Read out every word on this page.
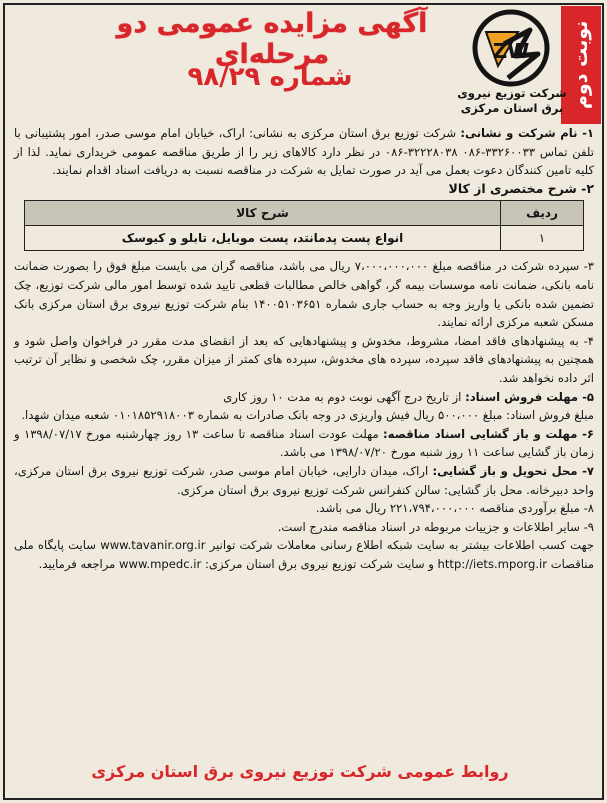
نوبت دوم
آگهی مزایده عمومی دو مرحله‌ای
شماره ۹۸/۲۹
ZW
شرکت توزیع نیروی برق استان مرکزی

۱- نام شرکت و نشانی: شرکت توزیع برق استان مرکزی به نشانی: اراک، خیابان امام موسی صدر، امور پشتیبانی با تلفن تماس ۳۳۲۶۰۰۳۳-۰۸۶ ۳۲۲۲۸۰۳۸-۰۸۶ در نظر دارد کالاهای زیر را از طریق مناقصه عمومی خریداری نماید. لذا از کلیه تامین کنندگان دعوت بعمل می آید در صورت تمایل به شرکت در مناقصه نسبت به دریافت اسناد اقدام نمایند.

۲- شرح مختصری از کالا

ردیف	شرح کالا
۱	انواع پست پدمانتد، پست موبایل، تابلو و کیوسک

۳- سپرده شرکت در مناقصه مبلغ ۷،۰۰۰،۰۰۰،۰۰۰ ریال می باشد، مناقصه گران می بایست مبلغ فوق را بصورت ضمانت نامه بانکی، ضمانت نامه موسسات بیمه گر، گواهی خالص مطالبات قطعی تایید شده توسط امور مالی شرکت توزیع، چک تضمین شده بانکی یا واریز وجه به حساب جاری شماره ۱۴۰۰۵۱۰۳۶۵۱ بنام شرکت توزیع نیروی برق استان مرکزی بانک مسکن شعبه مرکزی ارائه نمایند.

۴- به پیشنهادهای فاقد امضا، مشروط، مخدوش و پیشنهادهایی که بعد از انقضای مدت مقرر در فراخوان واصل شود و همچنین به پیشنهادهای فاقد سپرده، سپرده های مخدوش، سپرده های کمتر از میزان مقرر، چک شخصی و نظایر آن ترتیب اثر داده نخواهد شد.

۵- مهلت فروش اسناد: از تاریخ درج آگهی نوبت دوم به مدت ۱۰ روز کاری

مبلغ فروش اسناد: مبلغ ۵۰۰،۰۰۰ ریال فیش واریزی در وجه بانک صادرات به شماره ۰۱۰۱۸۵۲۹۱۸۰۰۳ شعبه میدان شهدا.

۶- مهلت و باز گشایی اسناد مناقصه: مهلت عودت اسناد مناقصه تا ساعت ۱۳ روز چهارشنبه مورخ ۱۳۹۸/۰۷/۱۷ و زمان باز گشایی ساعت ۱۱ روز شنبه مورخ ۱۳۹۸/۰۷/۲۰ می باشد.

۷- محل تحویل و باز گشایی: اراک، میدان دارایی، خیابان امام موسی صدر، شرکت توزیع نیروی برق استان مرکزی، واحد دبیرخانه. محل باز گشایی: سالن کنفرانس شرکت توزیع نیروی برق استان مرکزی.

۸- مبلغ برآوردی مناقصه ۲۲۱،۷۹۴،۰۰۰،۰۰۰ ریال می باشد.

۹- سایر اطلاعات و جزییات مربوطه در اسناد مناقصه مندرج است.

جهت کسب اطلاعات بیشتر به سایت شبکه اطلاع رسانی معاملات شرکت توانیر www.tavanir.org.ir سایت پایگاه ملی مناقصات http://iets.mporg.ir و سایت شرکت توزیع نیروی برق استان مرکزی: www.mpedc.ir مراجعه فرمایید.

روابط عمومی شرکت توزیع نیروی برق استان مرکزی
